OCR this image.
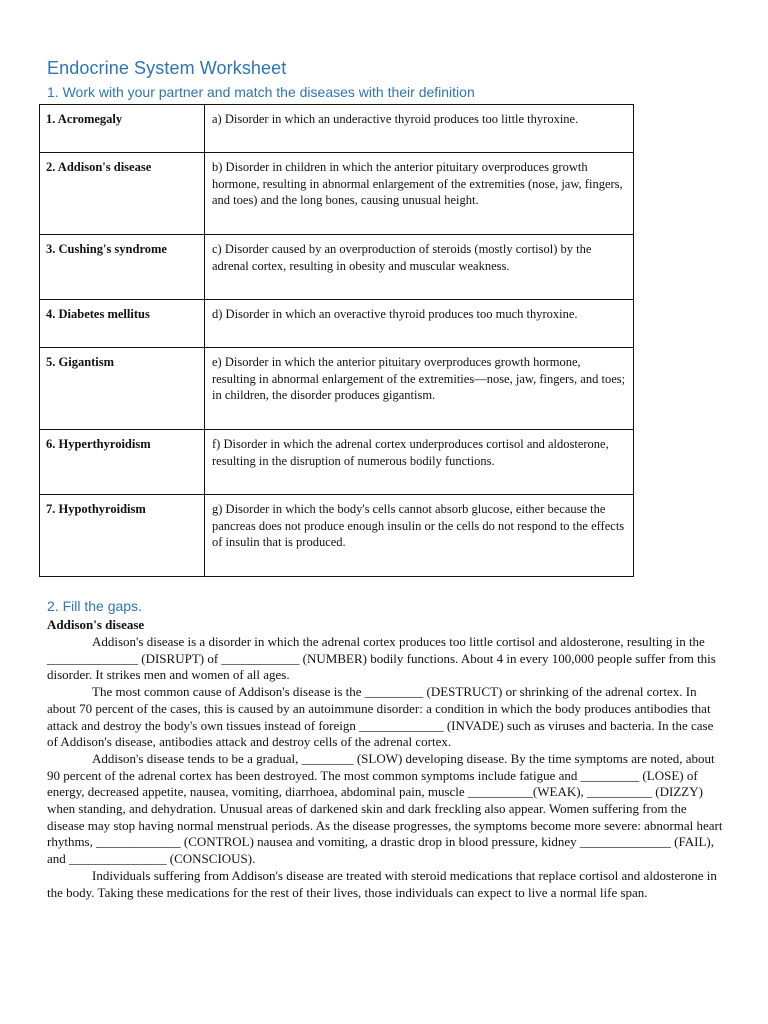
Endocrine System Worksheet
1. Work with your partner and match the diseases with their definition
1. Acromegaly	a) Disorder in which an underactive thyroid produces too little thyroxine.
2. Addison's disease	b) Disorder in children in which the anterior pituitary overproduces growth hormone, resulting in abnormal enlargement of the extremities (nose, jaw, fingers, and toes) and the long bones, causing unusual height.
3. Cushing's syndrome	c) Disorder caused by an overproduction of steroids (mostly cortisol) by the adrenal cortex, resulting in obesity and muscular weakness.
4. Diabetes mellitus	d) Disorder in which an overactive thyroid produces too much thyroxine.
5. Gigantism	e) Disorder in which the anterior pituitary overproduces growth hormone, resulting in abnormal enlargement of the extremities—nose, jaw, fingers, and toes; in children, the disorder produces gigantism.
6. Hyperthyroidism	f) Disorder in which the adrenal cortex underproduces cortisol and aldosterone, resulting in the disruption of numerous bodily functions.
7. Hypothyroidism	g) Disorder in which the body's cells cannot absorb glucose, either because the pancreas does not produce enough insulin or the cells do not respond to the effects of insulin that is produced.
2. Fill the gaps.
Addison's disease

Addison's disease is a disorder in which the adrenal cortex produces too little cortisol and aldosterone, resulting in the ______________ (DISRUPT) of ____________ (NUMBER) bodily functions. About 4 in every 100,000 people suffer from this disorder. It strikes men and women of all ages.

The most common cause of Addison's disease is the _________ (DESTRUCT) or shrinking of the adrenal cortex. In about 70 percent of the cases, this is caused by an autoimmune disorder: a condition in which the body produces antibodies that attack and destroy the body's own tissues instead of foreign _____________ (INVADE) such as viruses and bacteria. In the case of Addison's disease, antibodies attack and destroy cells of the adrenal cortex.

Addison's disease tends to be a gradual, ________ (SLOW) developing disease. By the time symptoms are noted, about 90 percent of the adrenal cortex has been destroyed. The most common symptoms include fatigue and _________ (LOSE) of energy, decreased appetite, nausea, vomiting, diarrhoea, abdominal pain, muscle __________(WEAK), __________ (DIZZY) when standing, and dehydration. Unusual areas of darkened skin and dark freckling also appear. Women suffering from the disease may stop having normal menstrual periods. As the disease progresses, the symptoms become more severe: abnormal heart rhythms, _____________ (CONTROL) nausea and vomiting, a drastic drop in blood pressure, kidney ______________ (FAIL), and _______________ (CONSCIOUS).

Individuals suffering from Addison's disease are treated with steroid medications that replace cortisol and aldosterone in the body. Taking these medications for the rest of their lives, those individuals can expect to live a normal life span.
